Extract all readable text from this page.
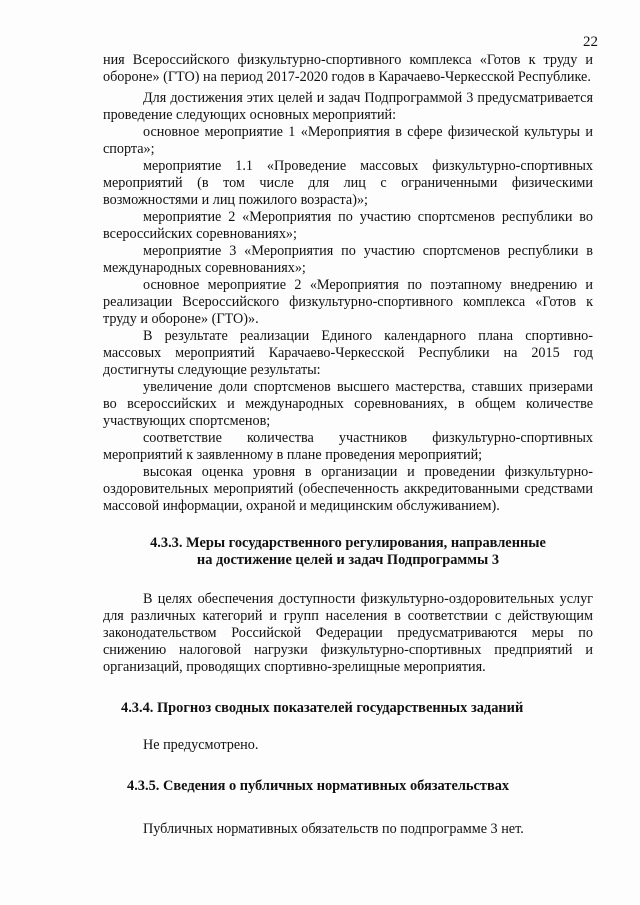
22

ния Всероссийского физкультурно-спортивного комплекса «Готов к труду и обороне» (ГТО) на период 2017-2020 годов в Карачаево-Черкесской Республике.

Для достижения этих целей и задач Подпрограммой 3 предусматривается проведение следующих основных мероприятий:

основное мероприятие 1 «Мероприятия в сфере физической культуры и спорта»;

мероприятие 1.1 «Проведение массовых физкультурно-спортивных мероприятий (в том числе для лиц с ограниченными физическими возможностями и лиц пожилого возраста)»;

мероприятие 2 «Мероприятия по участию спортсменов республики во всероссийских соревнованиях»;

мероприятие 3 «Мероприятия по участию спортсменов республики в международных соревнованиях»;

основное мероприятие 2 «Мероприятия по поэтапному внедрению и реализации Всероссийского физкультурно-спортивного комплекса «Готов к труду и обороне» (ГТО)».

В результате реализации Единого календарного плана спортивно-массовых мероприятий Карачаево-Черкесской Республики на 2015 год достигнуты следующие результаты:

увеличение доли спортсменов высшего мастерства, ставших призерами во всероссийских и международных соревнованиях, в общем количестве участвующих спортсменов;

соответствие количества участников физкультурно-спортивных мероприятий к заявленному в плане проведения мероприятий;

высокая оценка уровня в организации и проведении физкультурно-оздоровительных мероприятий (обеспеченность аккредитованными средствами массовой информации, охраной и медицинским обслуживанием).

4.3.3. Меры государственного регулирования, направленные
на достижение целей и задач Подпрограммы 3

В целях обеспечения доступности физкультурно-оздоровительных услуг для различных категорий и групп населения в соответствии с действующим законодательством Российской Федерации предусматриваются меры по снижению налоговой нагрузки физкультурно-спортивных предприятий и организаций, проводящих спортивно-зрелищные мероприятия.

4.3.4. Прогноз сводных показателей государственных заданий

Не предусмотрено.

4.3.5. Сведения о публичных нормативных обязательствах

Публичных нормативных обязательств по подпрограмме 3 нет.
